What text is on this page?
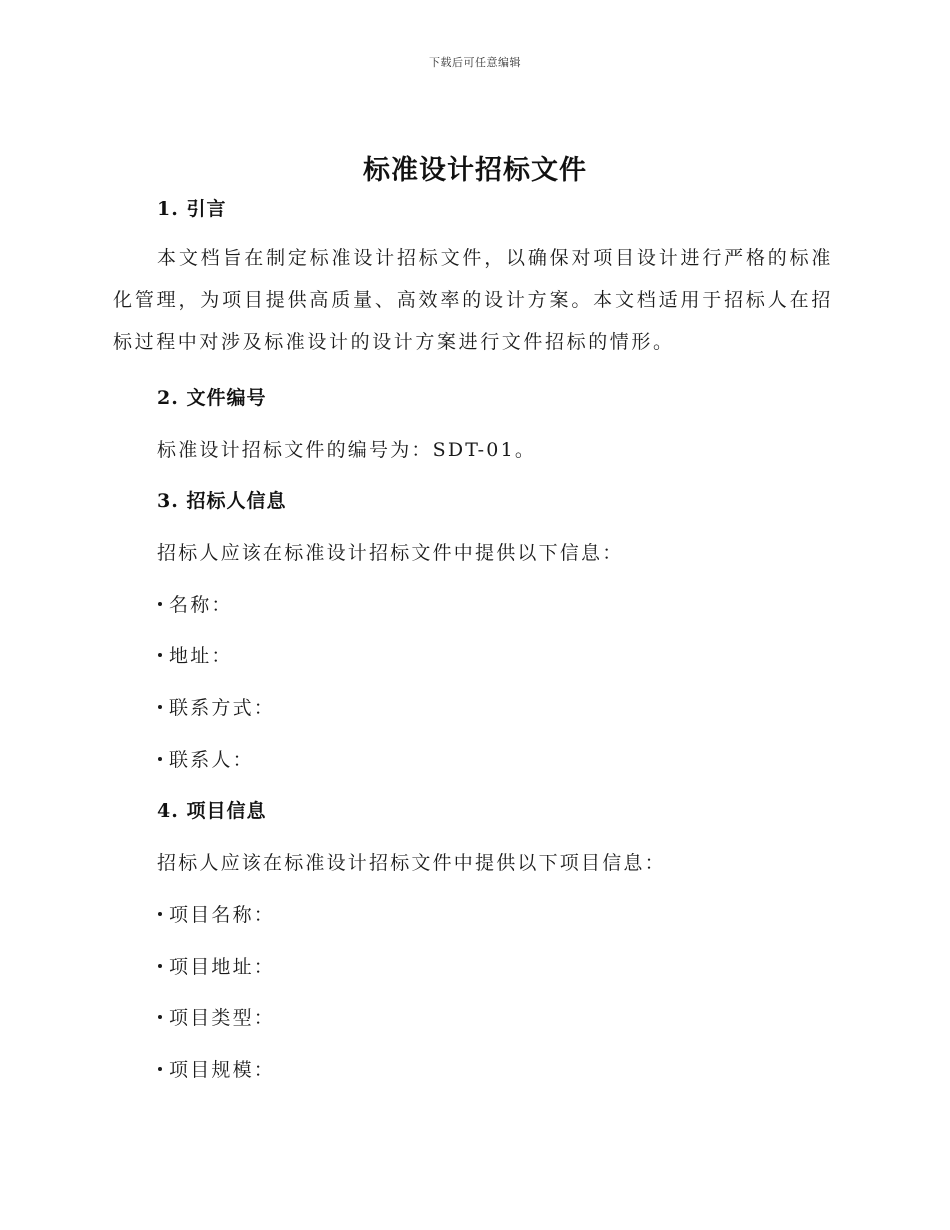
下载后可任意编辑
标准设计招标文件
1. 引言

本文档旨在制定标准设计招标文件，以确保对项目设计进行严格的标准化管理，为项目提供高质量、高效率的设计方案。本文档适用于招标人在招标过程中对涉及标准设计的设计方案进行文件招标的情形。

2. 文件编号

标准设计招标文件的编号为：SDT-01。

3. 招标人信息

招标人应该在标准设计招标文件中提供以下信息：

名称：

地址：

联系方式：

联系人：

4. 项目信息

招标人应该在标准设计招标文件中提供以下项目信息：

项目名称：

项目地址：

项目类型：

项目规模：
